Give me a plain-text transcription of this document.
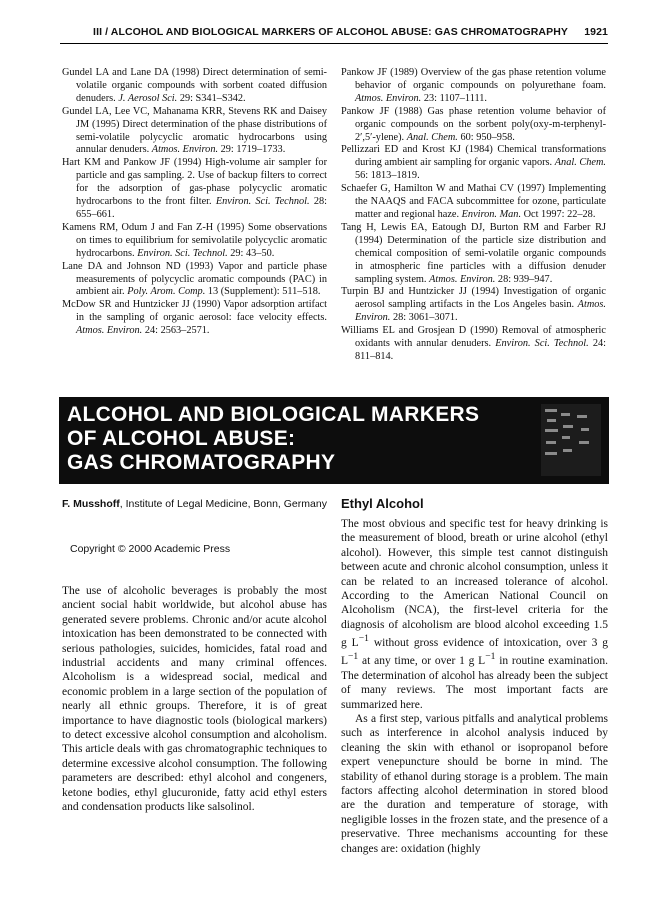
III / ALCOHOL AND BIOLOGICAL MARKERS OF ALCOHOL ABUSE: GAS CHROMATOGRAPHY 1921

Gundel LA and Lane DA (1998) Direct determination of semi-volatile organic compounds with sorbent coated diffusion denuders. J. Aerosol Sci. 29: S341–S342.

Gundel LA, Lee VC, Mahanama KRR, Stevens RK and Daisey JM (1995) Direct determination of the phase distributions of semi-volatile polycyclic aromatic hydrocarbons using annular denuders. Atmos. Environ. 29: 1719–1733.

Hart KM and Pankow JF (1994) High-volume air sampler for particle and gas sampling. 2. Use of backup filters to correct for the adsorption of gas-phase polycyclic aromatic hydrocarbons to the front filter. Environ. Sci. Technol. 28: 655–661.

Kamens RM, Odum J and Fan Z-H (1995) Some observations on times to equilibrium for semivolatile polycyclic aromatic hydrocarbons. Environ. Sci. Technol. 29: 43–50.

Lane DA and Johnson ND (1993) Vapor and particle phase measurements of polycyclic aromatic compounds (PAC) in ambient air. Poly. Arom. Comp. 13 (Supplement): 511–518.

McDow SR and Huntzicker JJ (1990) Vapor adsorption artifact in the sampling of organic aerosol: face velocity effects. Atmos. Environ. 24: 2563–2571.

Pankow JF (1989) Overview of the gas phase retention volume behavior of organic compounds on polyurethane foam. Atmos. Environ. 23: 1107–1111.

Pankow JF (1988) Gas phase retention volume behavior of organic compounds on the sorbent poly(oxy-m-terphenyl-2′,5′-ylene). Anal. Chem. 60: 950–958.

Pellizzari ED and Krost KJ (1984) Chemical transformations during ambient air sampling for organic vapors. Anal. Chem. 56: 1813–1819.

Schaefer G, Hamilton W and Mathai CV (1997) Implementing the NAAQS and FACA subcommittee for ozone, particulate matter and regional haze. Environ. Man. Oct 1997: 22–28.

Tang H, Lewis EA, Eatough DJ, Burton RM and Farber RJ (1994) Determination of the particle size distribution and chemical composition of semi-volatile organic compounds in atmospheric fine particles with a diffusion denuder sampling system. Atmos. Environ. 28: 939–947.

Turpin BJ and Huntzicker JJ (1994) Investigation of organic aerosol sampling artifacts in the Los Angeles basin. Atmos. Environ. 28: 3061–3071.

Williams EL and Grosjean D (1990) Removal of atmospheric oxidants with annular denuders. Environ. Sci. Technol. 24: 811–814.

ALCOHOL AND BIOLOGICAL MARKERS
OF ALCOHOL ABUSE:
GAS CHROMATOGRAPHY
F. Musshoff, Institute of Legal Medicine, Bonn, Germany
Copyright © 2000 Academic Press
The use of alcoholic beverages is probably the most ancient social habit worldwide, but alcohol abuse has generated severe problems. Chronic and/or acute alcohol intoxication has been demonstrated to be connected with serious pathologies, suicides, homicides, fatal road and industrial accidents and many criminal offences. Alcoholism is a widespread social, medical and economic problem in a large section of the population of nearly all ethnic groups. Therefore, it is of great importance to have diagnostic tools (biological markers) to detect excessive alcohol consumption and alcoholism. This article deals with gas chromatographic techniques to determine excessive alcohol consumption. The following parameters are described: ethyl alcohol and congeners, ketone bodies, ethyl glucuronide, fatty acid ethyl esters and condensation products like salsolinol.
Ethyl Alcohol

The most obvious and specific test for heavy drinking is the measurement of blood, breath or urine alcohol (ethyl alcohol). However, this simple test cannot distinguish between acute and chronic alcohol consumption, unless it can be related to an increased tolerance of alcohol. According to the American National Council on Alcoholism (NCA), the first-level criteria for the diagnosis of alcoholism are blood alcohol exceeding 1.5 g $L^{-1}$ without gross evidence of intoxication, over 3 g $L^{-1}$ at any time, or over 1 g $L^{-1}$ in routine examination. The determination of alcohol has already been the subject of many reviews. The most important facts are summarized here.

As a first step, various pitfalls and analytical problems such as interference in alcohol analysis induced by cleaning the skin with ethanol or isopropanol before expert venepuncture should be borne in mind. The stability of ethanol during storage is a problem. The main factors affecting alcohol determination in stored blood are the duration and temperature of storage, with negligible losses in the frozen state, and the presence of a preservative. Three mechanisms accounting for these changes are: oxidation (highly
